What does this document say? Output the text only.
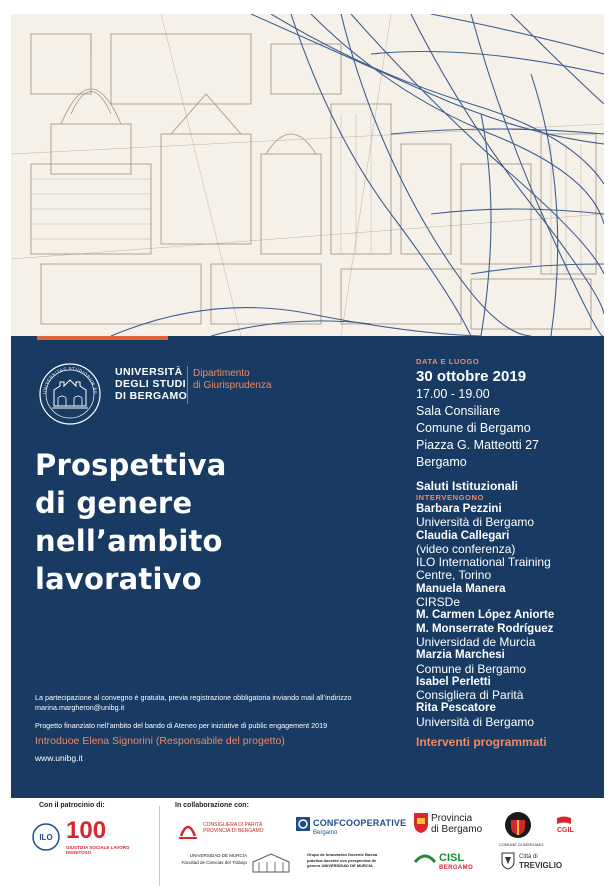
UNIVERSITAS STUDIORUM BE
UNIVERSITÀ
DEGLI STUDI
DI BERGAMO
Dipartimento
di Giurisprudenza
Prospettiva
di genere
nell’ambito
lavorativo

La partecipazione al convegno è gratuita, previa registrazione obbligatoria inviando mail all’indirizzo marina.margheron@unibg.it

Progetto finanziato nell’ambito del bando di Ateneo per iniziative di public engagement 2019

Introduoe Elena Signorini (Responsabile del progetto)

www.unibg.it

DATA E LUOGO
30 ottobre 2019
17.00 - 19.00
Sala Consiliare
Comune di Bergamo
Piazza G. Matteotti 27
Bergamo
Saluti Istituzionali
INTERVENGONO
Barbara Pezzini
Università di Bergamo
Claudia Callegari
(video conferenza)
ILO International Training
Centre, Torino
Manuela Manera
CIRSDe
M. Carmen López Aniorte
M. Monserrate Rodríguez
Universidad de Murcia
Marzia Marchesi
Comune di Bergamo
Isabel Perletti
Consigliera di Parità
Rita Pescatore
Università di Bergamo
Interventi programmati
Con il patrocinio di:	In collaborazione con:
ILO 100
GIUSTIZIA SOCIALE LAVORO DIGNITOSO
CONSIGLIERA DI PARITÀ PROVINCIA DI BERGAMO
CONFCOOPERATIVE
Bergamo
Provincia
di Bergamo
COMUNE DI BERGAMO
CGIL
UNIVERSIDAD DE MURCIA Facultad de Ciencias del Trabajo
Grupo de Innovación Docente Buena práctica docente con perspectiva de género UNIVERSIDAD DE MURCIA
CISL
BERGAMO
Città di
TREVIGLIO
